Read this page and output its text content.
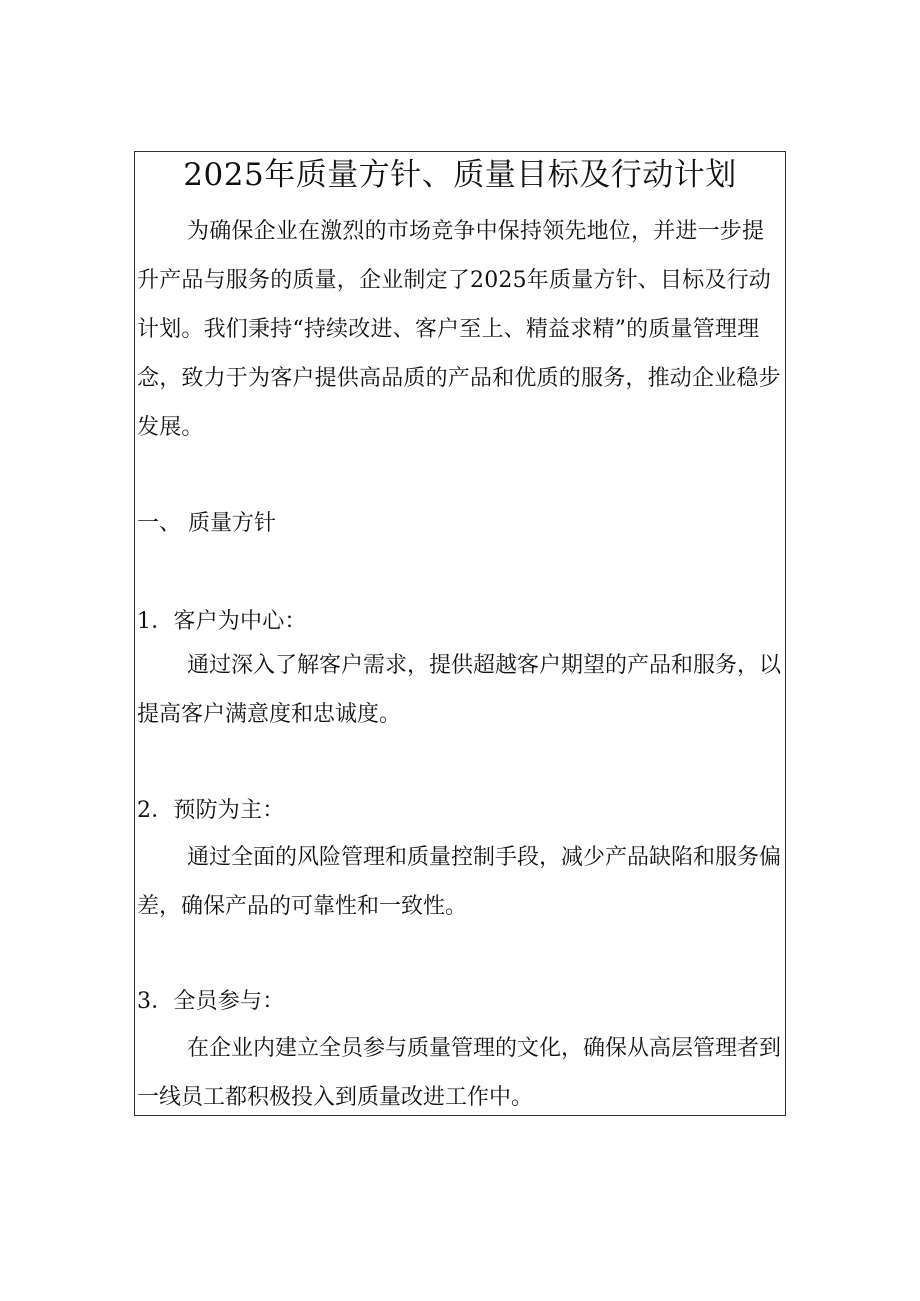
2025年质量方针、质量目标及行动计划

为确保企业在激烈的市场竞争中保持领先地位，并进一步提升产品与服务的质量，企业制定了2025年质量方针、目标及行动计划。我们秉持“持续改进、客户至上、精益求精”的质量管理理念，致力于为客户提供高品质的产品和优质的服务，推动企业稳步发展。

一、 质量方针

1．客户为中心：

通过深入了解客户需求，提供超越客户期望的产品和服务，以提高客户满意度和忠诚度。

2．预防为主：

通过全面的风险管理和质量控制手段，减少产品缺陷和服务偏差，确保产品的可靠性和一致性。

3．全员参与：

在企业内建立全员参与质量管理的文化，确保从高层管理者到一线员工都积极投入到质量改进工作中。
